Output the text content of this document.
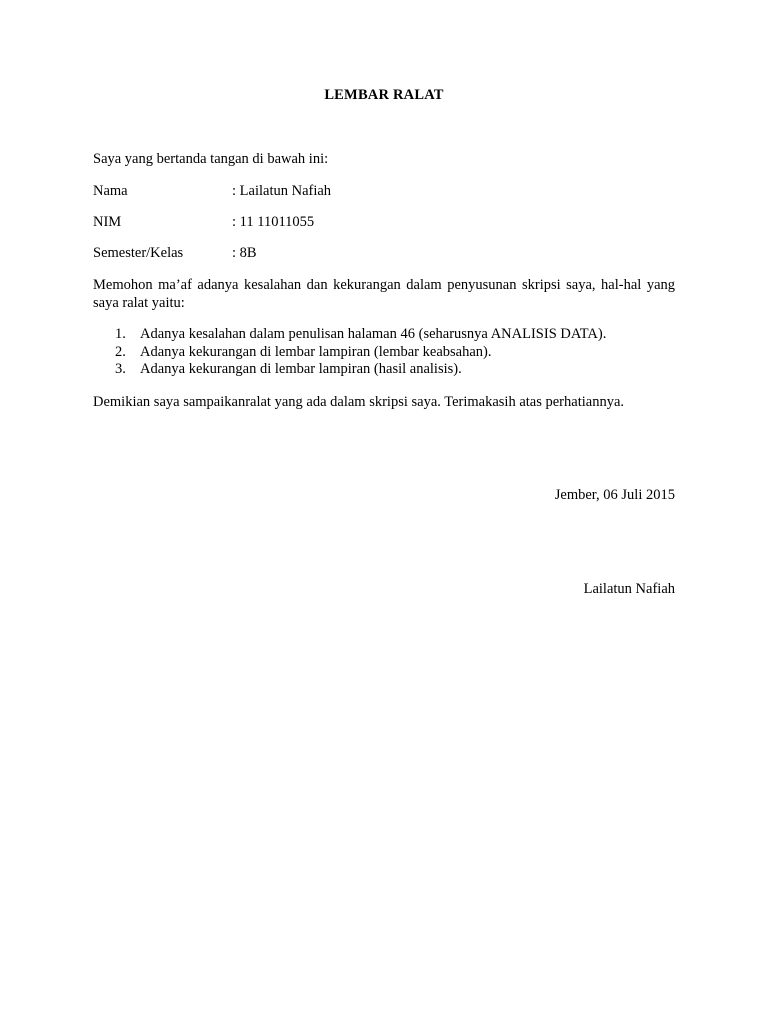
LEMBAR RALAT
Saya yang bertanda tangan di bawah ini:
Nama	: Lailatun Nafiah
NIM	: 11 11011055
Semester/Kelas	: 8B
Memohon ma’af adanya kesalahan dan kekurangan dalam penyusunan skripsi saya, hal-hal yang saya ralat yaitu:
1. Adanya kesalahan dalam penulisan halaman 46 (seharusnya ANALISIS DATA).
2. Adanya kekurangan di lembar lampiran (lembar keabsahan).
3. Adanya kekurangan di lembar lampiran (hasil analisis).
Demikian saya sampaikanralat yang ada dalam skripsi saya. Terimakasih atas perhatiannya.
Jember, 06 Juli 2015
Lailatun Nafiah
